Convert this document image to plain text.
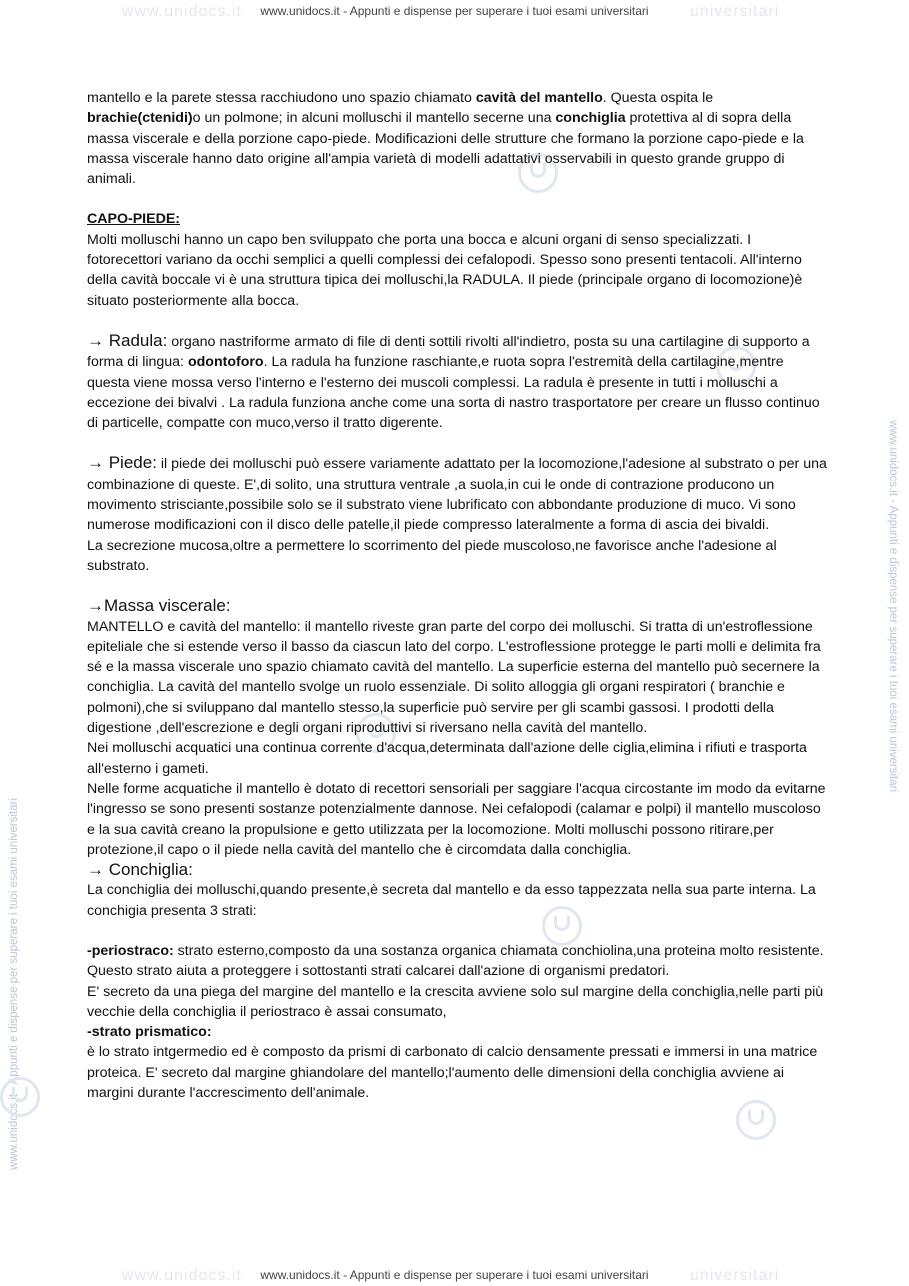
www.unidocs.it	universitari
www.unidocs.it - Appunti e dispense per superare i tuoi esami universitari
www.unidocs.it	universitari
www.unidocs.it - Appunti e dispense per superare i tuoi esami universitari
www.unidocs.it - Appunti e dispense per superare i tuoi esami universitari
www.unidocs.it - Appunti e dispense per superare i tuoi esami universitari

mantello e la parete stessa racchiudono uno spazio chiamato cavità del mantello. Questa ospita le brachie(ctenidi)o un polmone; in alcuni molluschi il mantello secerne una conchiglia protettiva al di sopra della massa viscerale e della porzione capo-piede. Modificazioni delle strutture che formano la porzione capo-piede e la massa viscerale hanno dato origine all'ampia varietà di modelli adattativi osservabili in questo grande gruppo di animali.

CAPO-PIEDE:

Molti molluschi hanno un capo ben sviluppato che porta una bocca e alcuni organi di senso specializzati. I fotorecettori variano da occhi semplici a quelli complessi dei cefalopodi. Spesso sono presenti tentacoli. All'interno della cavità boccale vi è una struttura tipica dei molluschi,la RADULA. Il piede (principale organo di locomozione)è situato posteriormente alla bocca.

→ Radula: organo nastriforme armato di file di denti sottili rivolti all'indietro, posta su una cartilagine di supporto a forma di lingua: odontoforo. La radula ha funzione raschiante,e ruota sopra l'estremità della cartilagine,mentre questa viene mossa verso l'interno e l'esterno dei muscoli complessi. La radula è presente in tutti i molluschi a eccezione dei bivalvi . La radula funziona anche come una sorta di nastro trasportatore per creare un flusso continuo di particelle, compatte con muco,verso il tratto digerente.

→ Piede: il piede dei molluschi può essere variamente adattato per la locomozione,l'adesione al substrato o per una combinazione di queste. E',di solito, una struttura ventrale ,a suola,in cui le onde di contrazione producono un movimento strisciante,possibile solo se il substrato viene lubrificato con abbondante produzione di muco. Vi sono numerose modificazioni con il disco delle patelle,il piede compresso lateralmente a forma di ascia dei bivaldi.

La secrezione mucosa,oltre a permettere lo scorrimento del piede muscoloso,ne favorisce anche l'adesione al substrato.

→Massa viscerale:

MANTELLO e cavità del mantello: il mantello riveste gran parte del corpo dei molluschi. Si tratta di un'estroflessione epiteliale che si estende verso il basso da ciascun lato del corpo. L'estroflessione protegge le parti molli e delimita fra sé e la massa viscerale uno spazio chiamato cavità del mantello. La superficie esterna del mantello può secernere la conchiglia. La cavità del mantello svolge un ruolo essenziale. Di solito alloggia gli organi respiratori ( branchie e polmoni),che si sviluppano dal mantello stesso,la superficie può servire per gli scambi gassosi. I prodotti della digestione ,dell'escrezione e degli organi riproduttivi si riversano nella cavità del mantello.

Nei molluschi acquatici una continua corrente d'acqua,determinata dall'azione delle ciglia,elimina i rifiuti e trasporta all'esterno i gameti.

Nelle forme acquatiche il mantello è dotato di recettori sensoriali per saggiare l'acqua circostante im modo da evitarne l'ingresso se sono presenti sostanze potenzialmente dannose. Nei cefalopodi (calamar e polpi) il mantello muscoloso e la sua cavità creano la propulsione e getto utilizzata per la locomozione. Molti molluschi possono ritirare,per protezione,il capo o il piede nella cavità del mantello che è circomdata dalla conchiglia.

→ Conchiglia:

La conchiglia dei molluschi,quando presente,è secreta dal mantello e da esso tappezzata nella sua parte interna. La conchigia presenta 3 strati:

-periostraco: strato esterno,composto da una sostanza organica chiamata conchiolina,una proteina molto resistente. Questo strato aiuta a proteggere i sottostanti strati calcarei dall'azione di organismi predatori.

E' secreto da una piega del margine del mantello e la crescita avviene solo sul margine della conchiglia,nelle parti più vecchie della conchiglia il periostraco è assai consumato,

-strato prismatico:

è lo strato intgermedio ed è composto da prismi di carbonato di calcio densamente pressati e immersi in una matrice proteica. E' secreto dal margine ghiandolare del mantello;l'aumento delle dimensioni della conchiglia avviene ai margini durante l'accrescimento dell'animale.
